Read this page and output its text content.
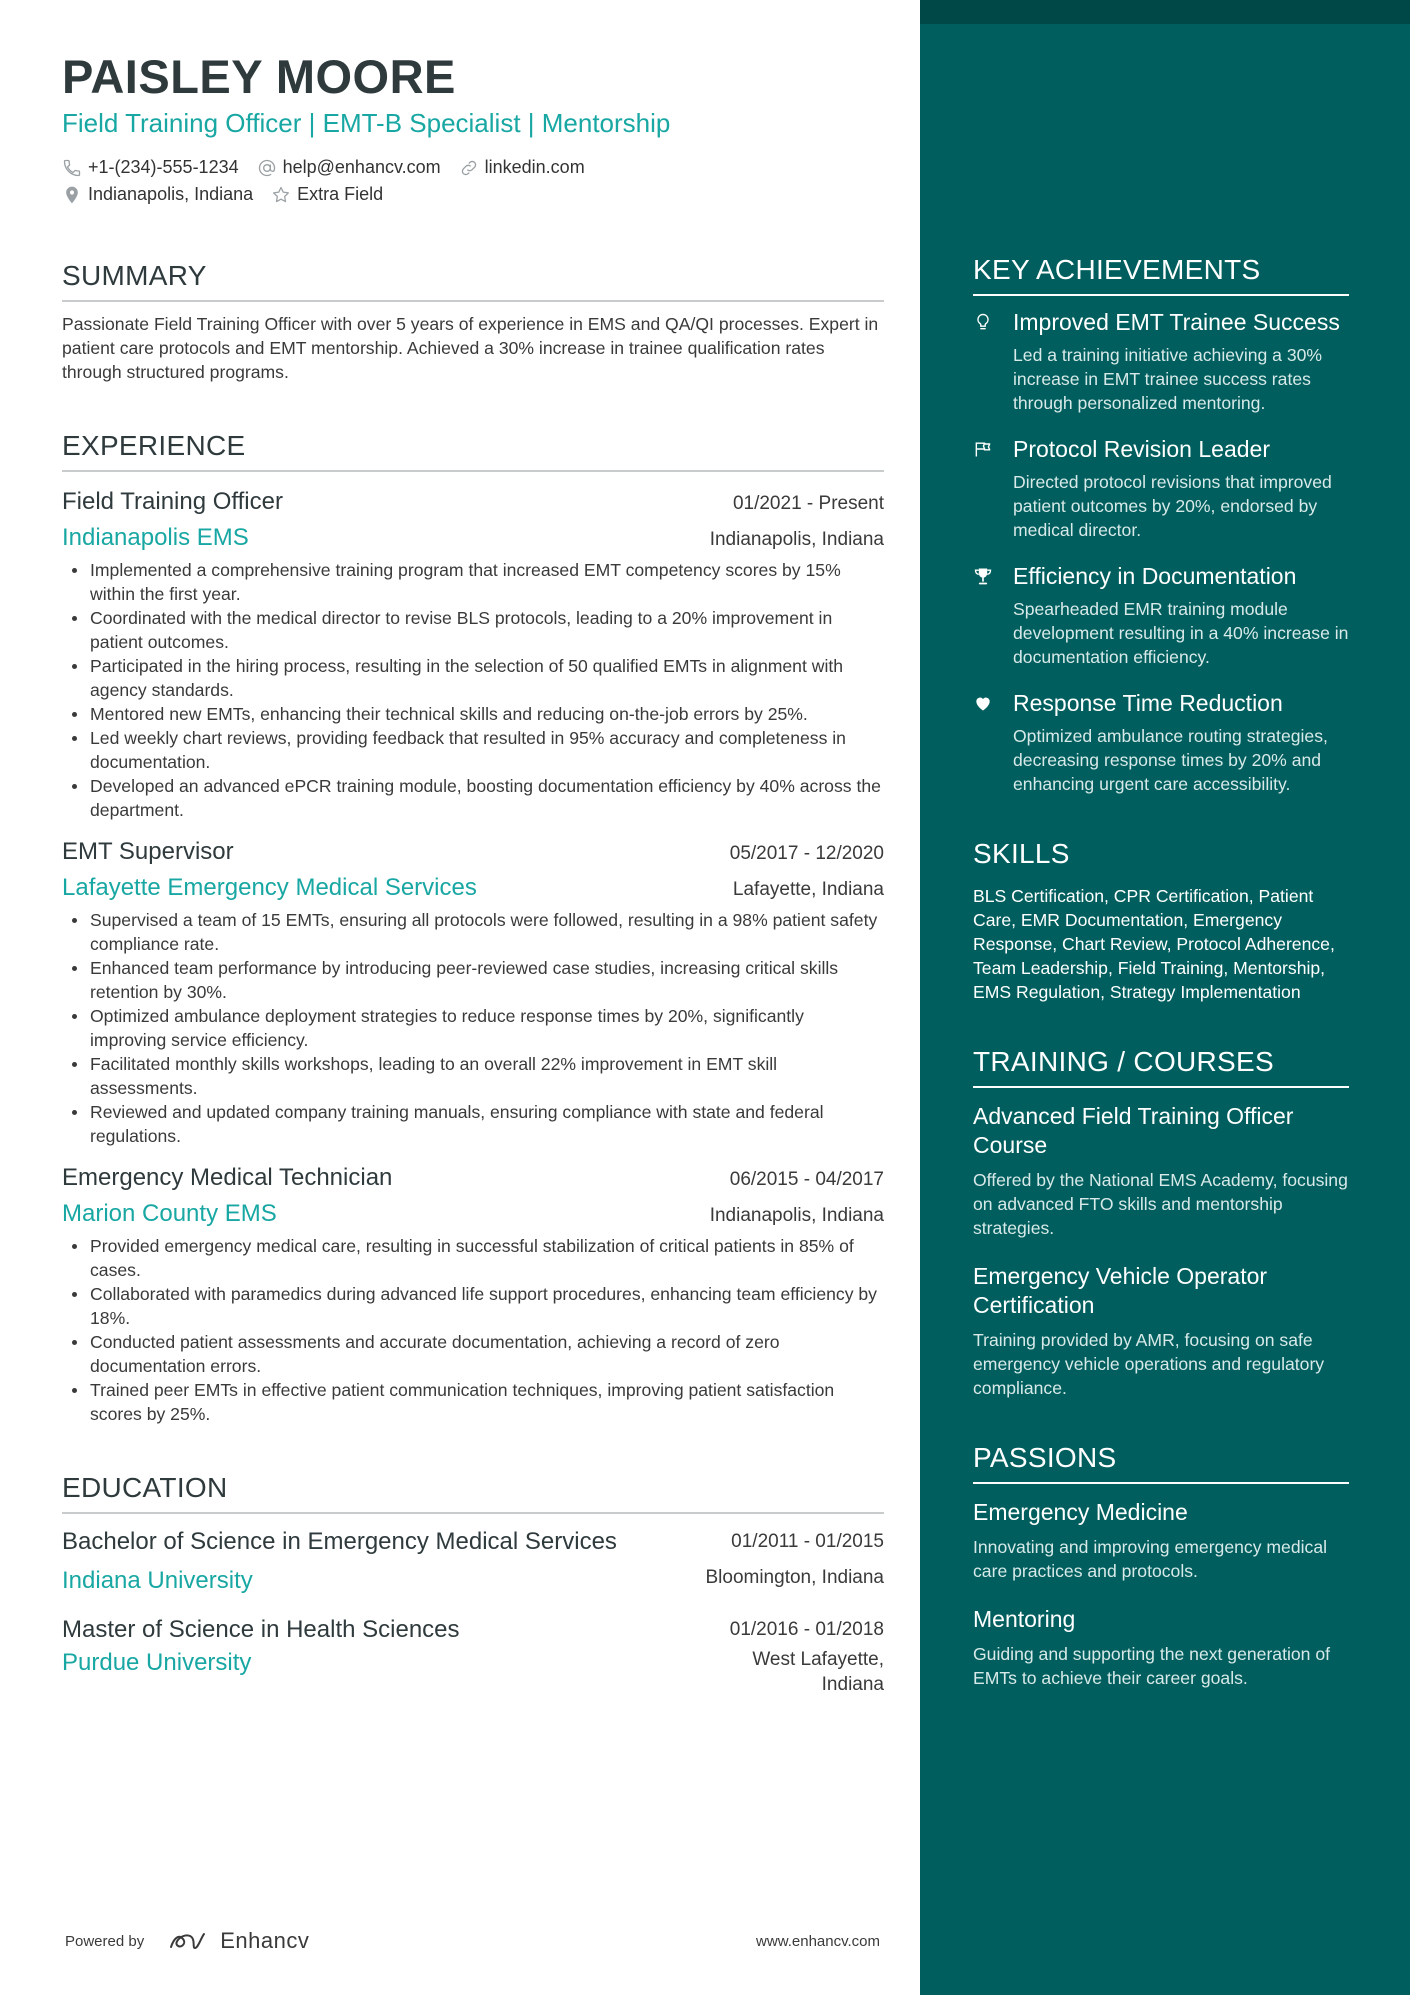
PAISLEY MOORE
Field Training Officer | EMT-B Specialist | Mentorship
+1-(234)-555-1234 help@enhancv.com linkedin.com
Indianapolis, Indiana Extra Field
SUMMARY
Passionate Field Training Officer with over 5 years of experience in EMS and QA/QI processes. Expert in patient care protocols and EMT mentorship. Achieved a 30% increase in trainee qualification rates through structured programs.
EXPERIENCE
Field Training Officer	01/2021 - Present
Indianapolis EMS	Indianapolis, Indiana
Implemented a comprehensive training program that increased EMT competency scores by 15% within the first year.
Coordinated with the medical director to revise BLS protocols, leading to a 20% improvement in patient outcomes.
Participated in the hiring process, resulting in the selection of 50 qualified EMTs in alignment with agency standards.
Mentored new EMTs, enhancing their technical skills and reducing on-the-job errors by 25%.
Led weekly chart reviews, providing feedback that resulted in 95% accuracy and completeness in documentation.
Developed an advanced ePCR training module, boosting documentation efficiency by 40% across the department.
EMT Supervisor	05/2017 - 12/2020
Lafayette Emergency Medical Services	Lafayette, Indiana
Supervised a team of 15 EMTs, ensuring all protocols were followed, resulting in a 98% patient safety compliance rate.
Enhanced team performance by introducing peer-reviewed case studies, increasing critical skills retention by 30%.
Optimized ambulance deployment strategies to reduce response times by 20%, significantly improving service efficiency.
Facilitated monthly skills workshops, leading to an overall 22% improvement in EMT skill assessments.
Reviewed and updated company training manuals, ensuring compliance with state and federal regulations.
Emergency Medical Technician	06/2015 - 04/2017
Marion County EMS	Indianapolis, Indiana
Provided emergency medical care, resulting in successful stabilization of critical patients in 85% of cases.
Collaborated with paramedics during advanced life support procedures, enhancing team efficiency by 18%.
Conducted patient assessments and accurate documentation, achieving a record of zero documentation errors.
Trained peer EMTs in effective patient communication techniques, improving patient satisfaction scores by 25%.
EDUCATION
Bachelor of Science in Emergency Medical Services	01/2011 - 01/2015
Indiana University	Bloomington, Indiana
Master of Science in Health Sciences	01/2016 - 01/2018
Purdue University	West Lafayette, Indiana
Powered by	Enhancv	www.enhancv.com
KEY ACHIEVEMENTS
Improved EMT Trainee Success
Led a training initiative achieving a 30% increase in EMT trainee success rates through personalized mentoring.
Protocol Revision Leader
Directed protocol revisions that improved patient outcomes by 20%, endorsed by medical director.
Efficiency in Documentation
Spearheaded EMR training module development resulting in a 40% increase in documentation efficiency.
Response Time Reduction
Optimized ambulance routing strategies, decreasing response times by 20% and enhancing urgent care accessibility.
SKILLS
BLS Certification, CPR Certification, Patient Care, EMR Documentation, Emergency Response, Chart Review, Protocol Adherence, Team Leadership, Field Training, Mentorship, EMS Regulation, Strategy Implementation
TRAINING / COURSES
Advanced Field Training Officer Course
Offered by the National EMS Academy, focusing on advanced FTO skills and mentorship strategies.
Emergency Vehicle Operator Certification
Training provided by AMR, focusing on safe emergency vehicle operations and regulatory compliance.
PASSIONS
Emergency Medicine
Innovating and improving emergency medical care practices and protocols.
Mentoring
Guiding and supporting the next generation of EMTs to achieve their career goals.
